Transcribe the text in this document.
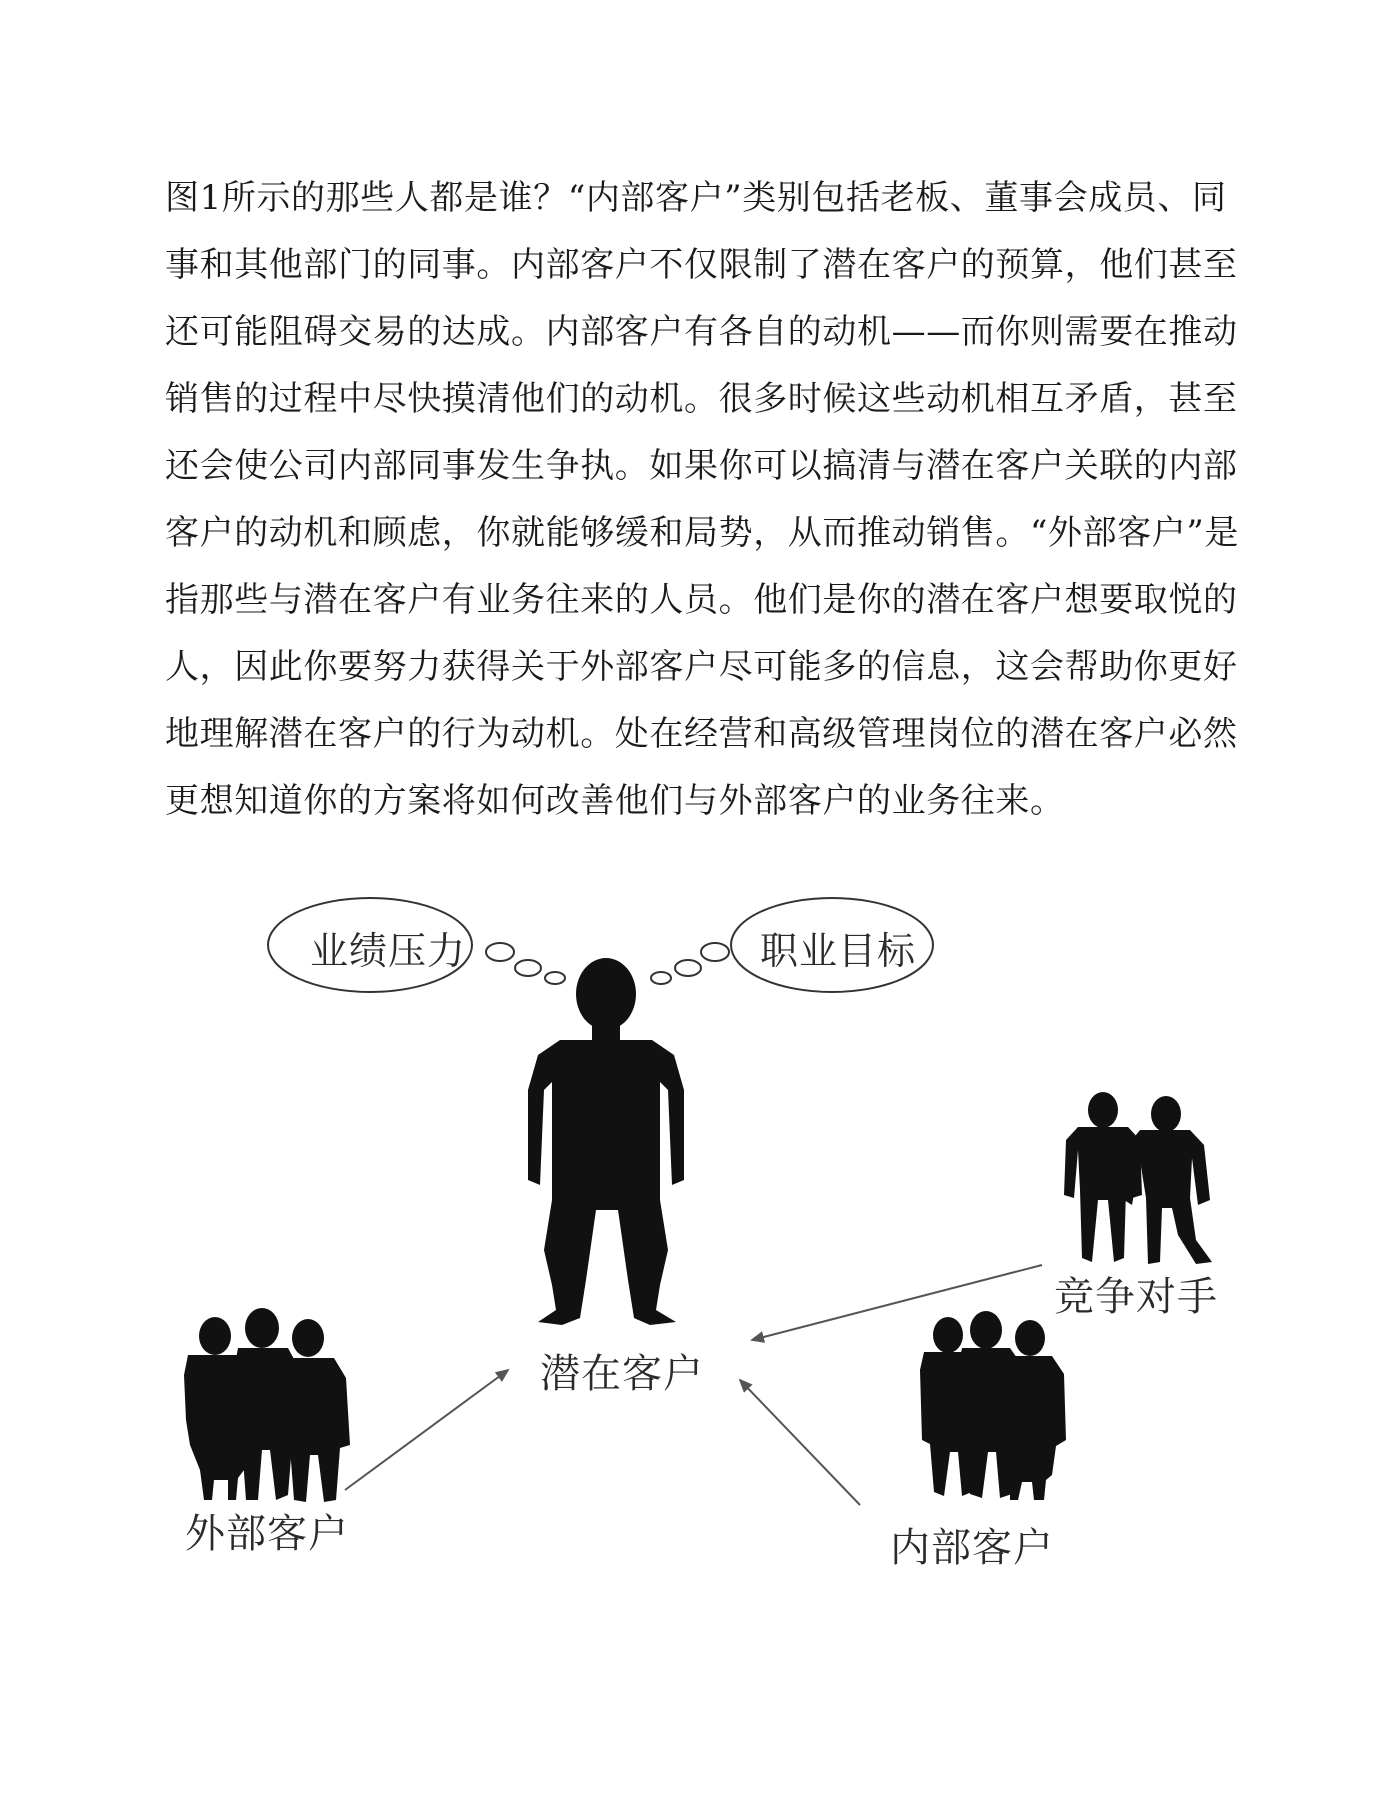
图1所示的那些人都是谁？“内部客户”类别包括老板、董事会成员、同
事和其他部门的同事。内部客户不仅限制了潜在客户的预算，他们甚至
还可能阻碍交易的达成。内部客户有各自的动机——而你则需要在推动
销售的过程中尽快摸清他们的动机。很多时候这些动机相互矛盾，甚至
还会使公司内部同事发生争执。如果你可以搞清与潜在客户关联的内部
客户的动机和顾虑，你就能够缓和局势，从而推动销售。“外部客户”是
指那些与潜在客户有业务往来的人员。他们是你的潜在客户想要取悦的
人，因此你要努力获得关于外部客户尽可能多的信息，这会帮助你更好
地理解潜在客户的行为动机。处在经营和高级管理岗位的潜在客户必然
更想知道你的方案将如何改善他们与外部客户的业务往来。

业绩压力	职业目标
潜在客户
竞争对手
外部客户	内部客户
